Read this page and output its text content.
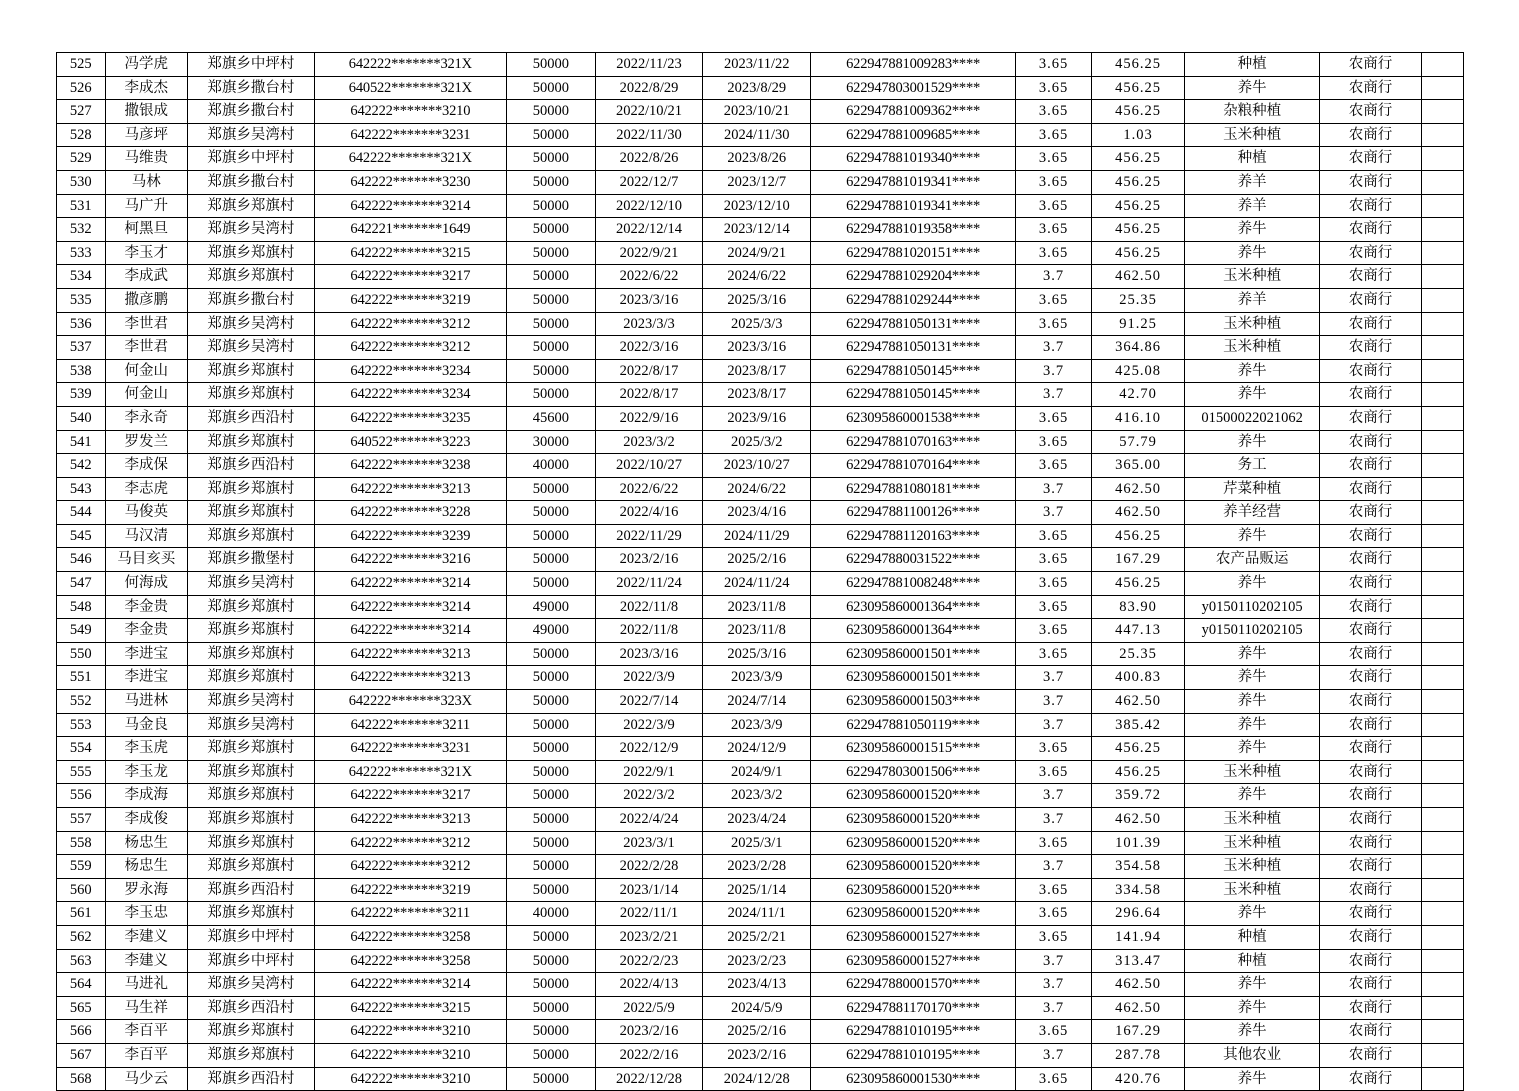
525	冯学虎	郑旗乡中坪村	642222*******321X	50000	2022/11/23	2023/11/22	622947881009283****	3.65	456.25	种植	农商行	
526	李成杰	郑旗乡撒台村	640522*******321X	50000	2022/8/29	2023/8/29	622947803001529****	3.65	456.25	养牛	农商行	
527	撒银成	郑旗乡撒台村	642222*******3210	50000	2022/10/21	2023/10/21	622947881009362****	3.65	456.25	杂粮种植	农商行	
528	马彦坪	郑旗乡吴湾村	642222*******3231	50000	2022/11/30	2024/11/30	622947881009685****	3.65	1.03	玉米种植	农商行	
529	马维贵	郑旗乡中坪村	642222*******321X	50000	2022/8/26	2023/8/26	622947881019340****	3.65	456.25	种植	农商行	
530	马林	郑旗乡撒台村	642222*******3230	50000	2022/12/7	2023/12/7	622947881019341****	3.65	456.25	养羊	农商行	
531	马广升	郑旗乡郑旗村	642222*******3214	50000	2022/12/10	2023/12/10	622947881019341****	3.65	456.25	养羊	农商行	
532	柯黑旦	郑旗乡吴湾村	642221*******1649	50000	2022/12/14	2023/12/14	622947881019358****	3.65	456.25	养牛	农商行	
533	李玉才	郑旗乡郑旗村	642222*******3215	50000	2022/9/21	2024/9/21	622947881020151****	3.65	456.25	养牛	农商行	
534	李成武	郑旗乡郑旗村	642222*******3217	50000	2022/6/22	2024/6/22	622947881029204****	3.7	462.50	玉米种植	农商行	
535	撒彦鹏	郑旗乡撒台村	642222*******3219	50000	2023/3/16	2025/3/16	622947881029244****	3.65	25.35	养羊	农商行	
536	李世君	郑旗乡吴湾村	642222*******3212	50000	2023/3/3	2025/3/3	622947881050131****	3.65	91.25	玉米种植	农商行	
537	李世君	郑旗乡吴湾村	642222*******3212	50000	2022/3/16	2023/3/16	622947881050131****	3.7	364.86	玉米种植	农商行	
538	何金山	郑旗乡郑旗村	642222*******3234	50000	2022/8/17	2023/8/17	622947881050145****	3.7	425.08	养牛	农商行	
539	何金山	郑旗乡郑旗村	642222*******3234	50000	2022/8/17	2023/8/17	622947881050145****	3.7	42.70	养牛	农商行	
540	李永奇	郑旗乡西沿村	642222*******3235	45600	2022/9/16	2023/9/16	623095860001538****	3.65	416.10	01500022021062	农商行	
541	罗发兰	郑旗乡郑旗村	640522*******3223	30000	2023/3/2	2025/3/2	622947881070163****	3.65	57.79	养牛	农商行	
542	李成保	郑旗乡西沿村	642222*******3238	40000	2022/10/27	2023/10/27	622947881070164****	3.65	365.00	务工	农商行	
543	李志虎	郑旗乡郑旗村	642222*******3213	50000	2022/6/22	2024/6/22	622947881080181****	3.7	462.50	芹菜种植	农商行	
544	马俊英	郑旗乡郑旗村	642222*******3228	50000	2022/4/16	2023/4/16	622947881100126****	3.7	462.50	养羊经营	农商行	
545	马汉清	郑旗乡郑旗村	642222*******3239	50000	2022/11/29	2024/11/29	622947881120163****	3.65	456.25	养牛	农商行	
546	马目亥买	郑旗乡撒堡村	642222*******3216	50000	2023/2/16	2025/2/16	622947880031522****	3.65	167.29	农产品贩运	农商行	
547	何海成	郑旗乡吴湾村	642222*******3214	50000	2022/11/24	2024/11/24	622947881008248****	3.65	456.25	养牛	农商行	
548	李金贵	郑旗乡郑旗村	642222*******3214	49000	2022/11/8	2023/11/8	623095860001364****	3.65	83.90	y0150110202105	农商行	
549	李金贵	郑旗乡郑旗村	642222*******3214	49000	2022/11/8	2023/11/8	623095860001364****	3.65	447.13	y0150110202105	农商行	
550	李进宝	郑旗乡郑旗村	642222*******3213	50000	2023/3/16	2025/3/16	623095860001501****	3.65	25.35	养牛	农商行	
551	李进宝	郑旗乡郑旗村	642222*******3213	50000	2022/3/9	2023/3/9	623095860001501****	3.7	400.83	养牛	农商行	
552	马进林	郑旗乡吴湾村	642222*******323X	50000	2022/7/14	2024/7/14	623095860001503****	3.7	462.50	养牛	农商行	
553	马金良	郑旗乡吴湾村	642222*******3211	50000	2022/3/9	2023/3/9	622947881050119****	3.7	385.42	养牛	农商行	
554	李玉虎	郑旗乡郑旗村	642222*******3231	50000	2022/12/9	2024/12/9	623095860001515****	3.65	456.25	养牛	农商行	
555	李玉龙	郑旗乡郑旗村	642222*******321X	50000	2022/9/1	2024/9/1	622947803001506****	3.65	456.25	玉米种植	农商行	
556	李成海	郑旗乡郑旗村	642222*******3217	50000	2022/3/2	2023/3/2	623095860001520****	3.7	359.72	养牛	农商行	
557	李成俊	郑旗乡郑旗村	642222*******3213	50000	2022/4/24	2023/4/24	623095860001520****	3.7	462.50	玉米种植	农商行	
558	杨忠生	郑旗乡郑旗村	642222*******3212	50000	2023/3/1	2025/3/1	623095860001520****	3.65	101.39	玉米种植	农商行	
559	杨忠生	郑旗乡郑旗村	642222*******3212	50000	2022/2/28	2023/2/28	623095860001520****	3.7	354.58	玉米种植	农商行	
560	罗永海	郑旗乡西沿村	642222*******3219	50000	2023/1/14	2025/1/14	623095860001520****	3.65	334.58	玉米种植	农商行	
561	李玉忠	郑旗乡郑旗村	642222*******3211	40000	2022/11/1	2024/11/1	623095860001520****	3.65	296.64	养牛	农商行	
562	李建义	郑旗乡中坪村	642222*******3258	50000	2023/2/21	2025/2/21	623095860001527****	3.65	141.94	种植	农商行	
563	李建义	郑旗乡中坪村	642222*******3258	50000	2022/2/23	2023/2/23	623095860001527****	3.7	313.47	种植	农商行	
564	马进礼	郑旗乡吴湾村	642222*******3214	50000	2022/4/13	2023/4/13	622947880001570****	3.7	462.50	养牛	农商行	
565	马生祥	郑旗乡西沿村	642222*******3215	50000	2022/5/9	2024/5/9	622947881170170****	3.7	462.50	养牛	农商行	
566	李百平	郑旗乡郑旗村	642222*******3210	50000	2023/2/16	2025/2/16	622947881010195****	3.65	167.29	养牛	农商行	
567	李百平	郑旗乡郑旗村	642222*******3210	50000	2022/2/16	2023/2/16	622947881010195****	3.7	287.78	其他农业	农商行	
568	马少云	郑旗乡西沿村	642222*******3210	50000	2022/12/28	2024/12/28	623095860001530****	3.65	420.76	养牛	农商行	
